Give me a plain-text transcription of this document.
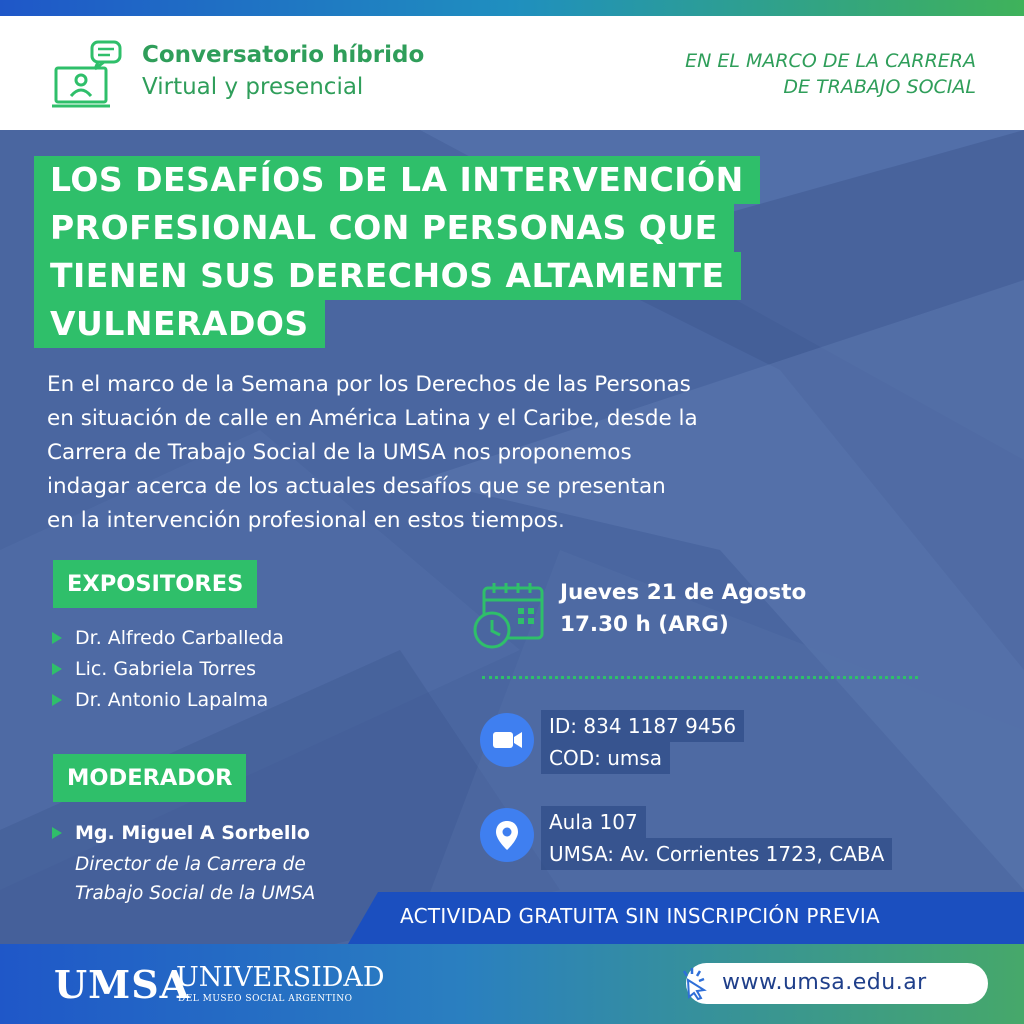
Conversatorio híbrido
Virtual y presencial
EN EL MARCO DE LA CARRERA
DE TRABAJO SOCIAL
LOS DESAFÍOS DE LA INTERVENCIÓN
PROFESIONAL CON PERSONAS QUE
TIENEN SUS DERECHOS ALTAMENTE
VULNERADOS
En el marco de la Semana por los Derechos de las Personas
en situación de calle en América Latina y el Caribe, desde la
Carrera de Trabajo Social de la UMSA nos proponemos
indagar acerca de los actuales desafíos que se presentan
en la intervención profesional en estos tiempos.
EXPOSITORES
Dr. Alfredo Carballeda
Lic. Gabriela Torres
Dr. Antonio Lapalma
MODERADOR
Mg. Miguel A Sorbello
Director de la Carrera de
Trabajo Social de la UMSA
Jueves 21 de Agosto
17.30 h (ARG)
ID: 834 1187 9456
COD: umsa
Aula 107
UMSA: Av. Corrientes 1723, CABA
ACTIVIDAD GRATUITA SIN INSCRIPCIÓN PREVIA
UMSA
UNIVERSIDAD
DEL MUSEO SOCIAL ARGENTINO
www.umsa.edu.ar
